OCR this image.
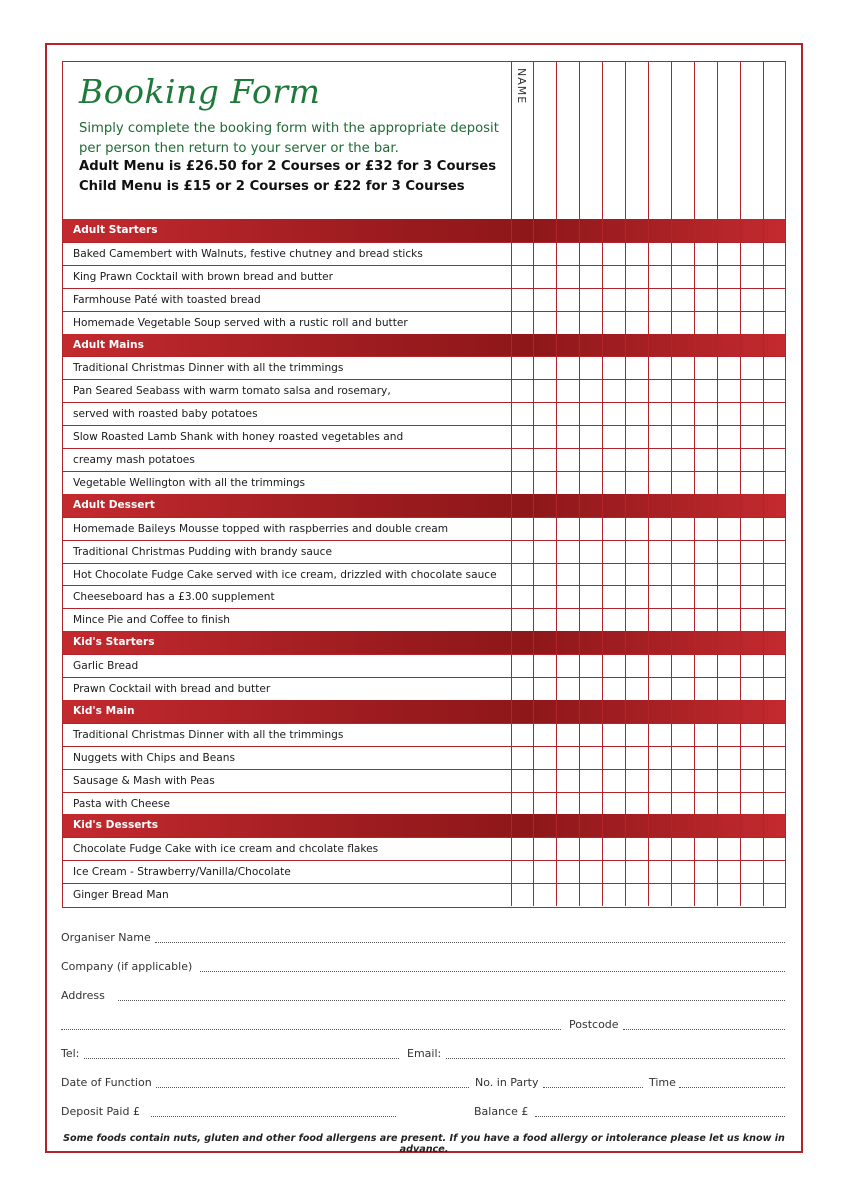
Booking Form
Simply complete the booking form with the appropriate deposit per person then return to your server or the bar.
Adult Menu is £26.50 for 2 Courses or £32 for 3 Courses
Child Menu is £15 or 2 Courses or £22 for 3 Courses
NAME
Adult Starters
Baked Camembert with Walnuts, festive chutney and bread sticks
King Prawn Cocktail with brown bread and butter
Farmhouse Paté with toasted bread
Homemade Vegetable Soup served with a rustic roll and butter
Adult Mains
Traditional Christmas Dinner with all the trimmings
Pan Seared Seabass with warm tomato salsa and rosemary,
served with roasted baby potatoes
Slow Roasted Lamb Shank with honey roasted vegetables and
creamy mash potatoes
Vegetable Wellington with all the trimmings
Adult Dessert
Homemade Baileys Mousse topped with raspberries and double cream
Traditional Christmas Pudding with brandy sauce
Hot Chocolate Fudge Cake served with ice cream, drizzled with chocolate sauce
Cheeseboard has a £3.00 supplement
Mince Pie and Coffee to finish
Kid's Starters
Garlic Bread
Prawn Cocktail with bread and butter
Kid's Main
Traditional Christmas Dinner with all the trimmings
Nuggets with Chips and Beans
Sausage & Mash with Peas
Pasta with Cheese
Kid's Desserts
Chocolate Fudge Cake with ice cream and chcolate flakes
Ice Cream - Strawberry/Vanilla/Chocolate
Ginger Bread Man
Organiser Name
Company (if applicable)
Address
Postcode
Tel:	Email:
Date of Function	No. in Party	Time
Deposit Paid £	Balance £
Some foods contain nuts, gluten and other food allergens are present. If you have a food allergy or intolerance please let us know in advance.
